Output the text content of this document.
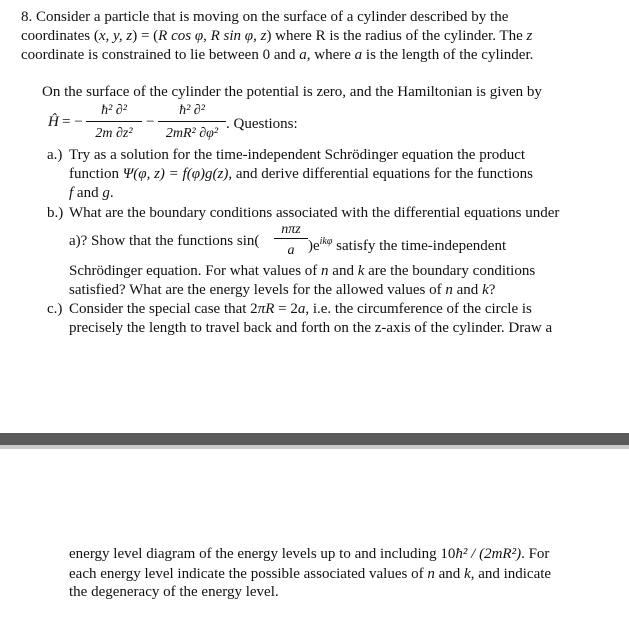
8. Consider a particle that is moving on the surface of a cylinder described by the
coordinates (x, y, z) = (R cos φ, R sin φ, z) where R is the radius of the cylinder. The z
coordinate is constrained to lie between 0 and a, where a is the length of the cylinder.
On the surface of the cylinder the potential is zero, and the Hamiltonian is given by
Ĥ = −
ħ² ∂²
2m ∂z²
−
ħ² ∂²
2mR² ∂φ²
. Questions:
a.) Try as a solution for the time-independent Schrödinger equation the product
function Ψ(φ, z) = f(φ)g(z), and derive differential equations for the functions
f and g.
b.) What are the boundary conditions associated with the differential equations under
a)? Show that the functions sin(
nπz
a )$e^{ik\varphi}$ satisfy the time-independent
Schrödinger equation. For what values of n and k are the boundary conditions
satisfied? What are the energy levels for the allowed values of n and k?
c.) Consider the special case that 2πR = 2a, i.e. the circumference of the circle is
precisely the length to travel back and forth on the z-axis of the cylinder. Draw a
energy level diagram of the energy levels up to and including 10ħ² / (2mR²). For
each energy level indicate the possible associated values of n and k, and indicate
the degeneracy of the energy level.
